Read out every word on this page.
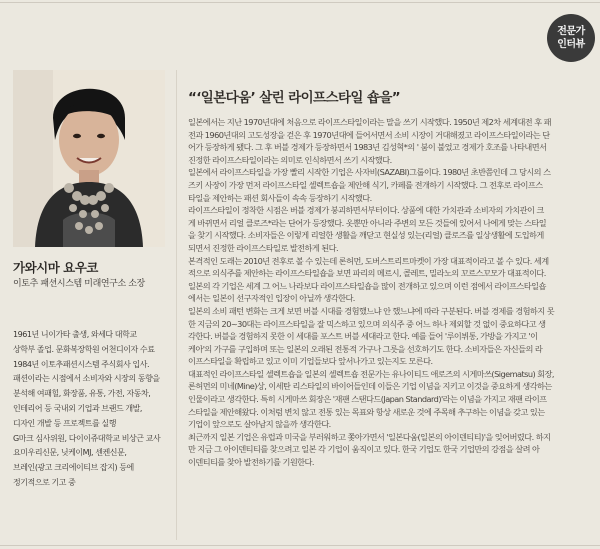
전문가
인터뷰
가와시마 요우코
이토추 패션시스템 미래연구소 소장

1961년 니이가타 출생, 와세다 대학교

상학부 졸업. 문화복장학원 어천디이자 수료

1984년 이토추패션시스템 주식회사 입사.

패션이라는 시점에서 소비자와 시장의 동향을

분석해 여패힐, 화장품, 유통, 가전, 자동차,

인테리어 등 국내외 기업과 브랜드 개발,

디자인 개발 등 프로젝트를 실행

G마크 심사위원, 다이이쥬대학교 비상근 교사

요미우리신문, 닛케이MJ, 센켄신문,

브레인(광고 크리에이티브 잡지) 등에

정기적으로 기고 중

“‘일본다움’ 살린 라이프스타일 숍을”
일본에서는 지난 1970년대에 처음으로 라이프스타일이라는 말을 쓰기 시작했다. 1950년 제2차 세계대전 후 패
전과 1960년대의 고도성장을 걷은 후 1970년대에 들어서면서 소비 시장이 거대해졌고 라이프스타일이라는 단
어가 등장하게 됐다. 그 후 버블 경제가 등장하면서 1983년 김성혁*의 ' 붐이 불었고 경제가 호조를 나타내면서
진정한 라이프스타일이라는 의미로 인식하면서 쓰기 시작했다.
일본에서 라이프스타일을 가장 빨리 시작한 기업은 사자비(SAZABI)그룹이다. 1980년 초반쯤인데 그 당시의 스
즈키 사장이 가장 먼저 라이프스타일 셀렉트숍을 제안해 식기, 카페를 전개하기 시작했다. 그 전후로 라이프스
타일을 제안하는 패션 회사들이 속속 등장하기 시작했다.
라이프스타일이 정착한 시점은 버블 경제가 붕괴하면서부터이다. 상품에 대한 가치관과 소비자의 가치관이 크
게 바뀌면서 리얼 클로즈*라는 단어가 등장했다. 옷뿐만 아니라 주변의 모든 것들에 있어서 나에게 맞는 스타일
을 찾기 시작했다. 소비자들은 이렇게 리얼한 생활을 깨닫고 현실성 있는(리얼) 클로즈를 일상생활에 도입하게
되면서 진정한 라이프스타일로 발전하게 된다.
본격적인 도래는 2010년 전후로 볼 수 있는데 론허먼, 도버스트리트마켓이 가장 대표적이라고 볼 수 있다. 세계
적으로 의식주를 제안하는 라이프스타일숍을 보면 파리의 메르시, 콜레트, 밀라노의 꼬르스꼬모가 대표적이다.
일본의 각 기업은 세계 그 어느 나라보다 라이프스타일숍을 많이 전개하고 있으며 이런 점에서 라이프스타일숍
에서는 일본이 선구자적인 입장이 아닐까 생각한다.
일본의 소비 패턴 변화는 크게 보면 버블 시대를 경험했느냐 안 했느냐에 따라 구분된다. 버블 경제를 경험하지 못
한 지금의 20~30대는 라이프스타일을 잘 믹스하고 있으며 의식주 중 어느 하나 제외할 것 없이 중요하다고 생
각한다. 버블을 경험하지 못한 이 세대를 포스트 버블 세대라고 한다. 예를 들어 '루이뷔통, 가방을 가지고 '이
케아'의 가구를 구입하며 또는 일본의 오래된 전통적 가구나 그릇을 선호하기도 한다. 소비자들은 자신들의 라
이프스타일을 확립하고 있고 이미 기업들보다 앞서나가고 있는지도 모른다.
대표적인 라이프스타일 셀렉트숍을 일본의 셀렉트숍 전문가는 유나이티드 애로즈의 시게마쓰(Sigematsu) 회장,
론허먼의 미네(Mine)상, 이세탄 리스타일의 바이어들인데 이들은 기업 이념을 지키고 이것을 중요하게 생각하는
인물이라고 생각한다. 특히 시게마쓰 회장은 '재팬 스탠다드(Japan Standard)'라는 이념을 가지고 재팬 라이프
스타일을 제안해왔다. 이처럼 변치 않고 전통 있는 목표와 항상 새로운 것에 주목해 추구하는 이념을 갖고 있는
기업이 앞으로도 살아남지 않을까 생각한다.
최근까지 일본 기업은 유럽과 미국을 부러워하고 쫓아가면서 '일본다움(일본의 아이덴티티)'을 잊어버렸다. 하지
만 지금 그 아이덴티티를 찾으려고 일본 각 기업이 움직이고 있다. 한국 기업도 한국 기업만의 강점을 살려 아
이덴티티를 찾아 발전하기를 기원한다.
